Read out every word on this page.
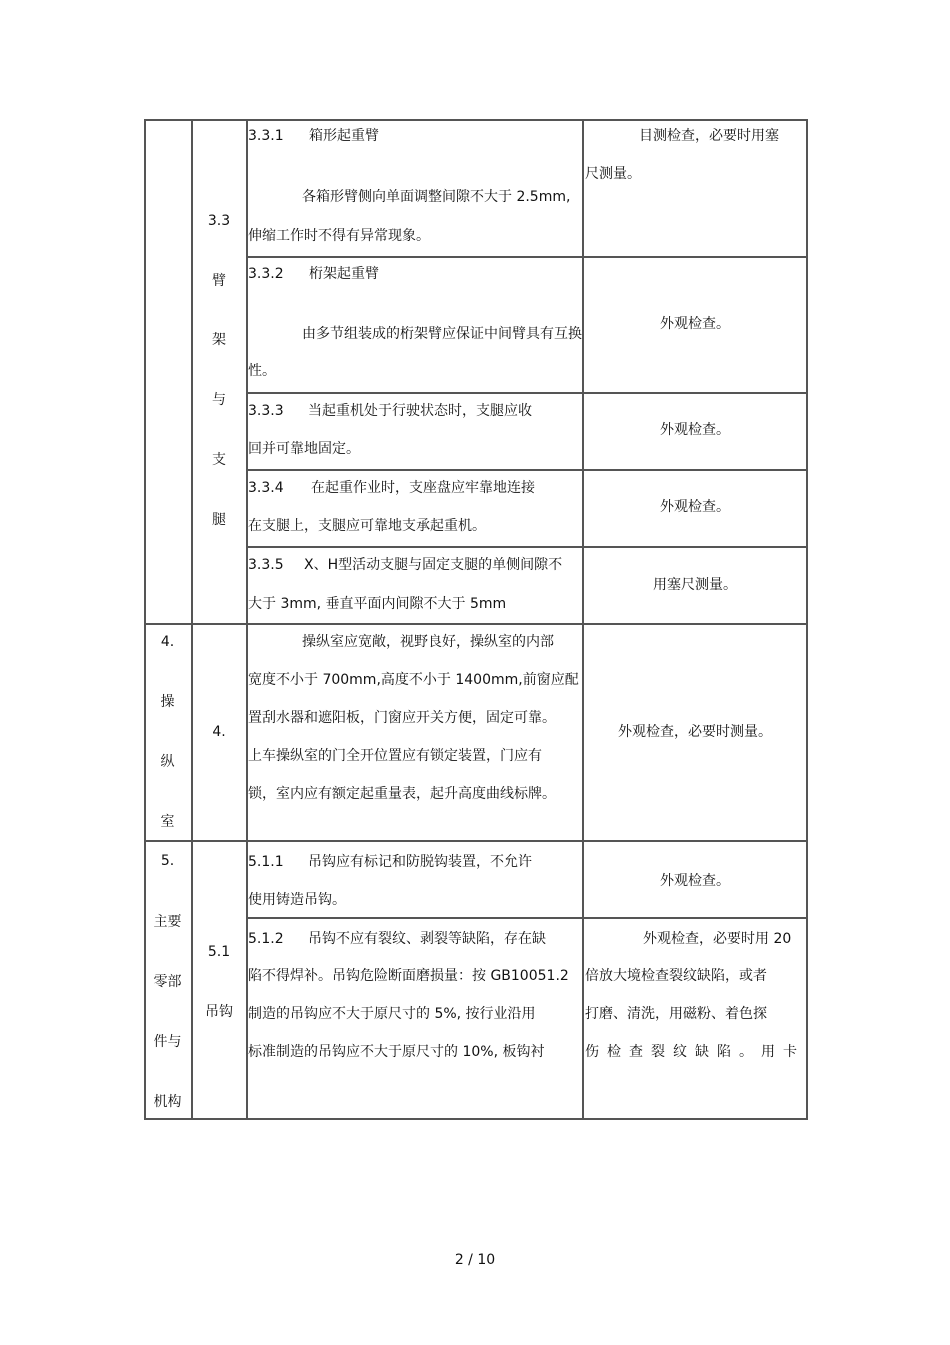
4.
操
纵
室
5.
主要
零部
件与
机构
3.3
臂
架
与
支
腿
4.
5.1
吊钩
3.3.1 箱形起重臂
各箱形臂侧向单面调整间隙不大于 2.5mm,
伸缩工作时不得有异常现象。
目测检查，必要时用塞
尺测量。
3.3.2 桁架起重臂
由多节组装成的桁架臂应保证中间臂具有互换
性。
外观检查。
3.3.3 当起重机处于行驶状态时，支腿应收
回并可靠地固定。
外观检查。
3.3.4 在起重作业时，支座盘应牢靠地连接
在支腿上，支腿应可靠地支承起重机。
外观检查。
3.3.5 X、H型活动支腿与固定支腿的单侧间隙不
大于 3mm, 垂直平面内间隙不大于 5mm
用塞尺测量。
操纵室应宽敞，视野良好，操纵室的内部
宽度不小于 700mm,高度不小于 1400mm,前窗应配
置刮水器和遮阳板，门窗应开关方便，固定可靠。
上车操纵室的门全开位置应有锁定装置，门应有
锁，室内应有额定起重量表，起升高度曲线标牌。
外观检查，必要时测量。
5.1.1 吊钩应有标记和防脱钩装置，不允许
使用铸造吊钩。
外观检查。
5.1.2 吊钩不应有裂纹、剥裂等缺陷，存在缺
陷不得焊补。吊钩危险断面磨损量：按 GB10051.2
制造的吊钩应不大于原尺寸的 5%, 按行业沿用
标准制造的吊钩应不大于原尺寸的 10%, 板钩衬
外观检查，必要时用 20
倍放大境检查裂纹缺陷，或者
打磨、清洗，用磁粉、着色探
伤检查裂纹缺陷。用卡
2 / 10
